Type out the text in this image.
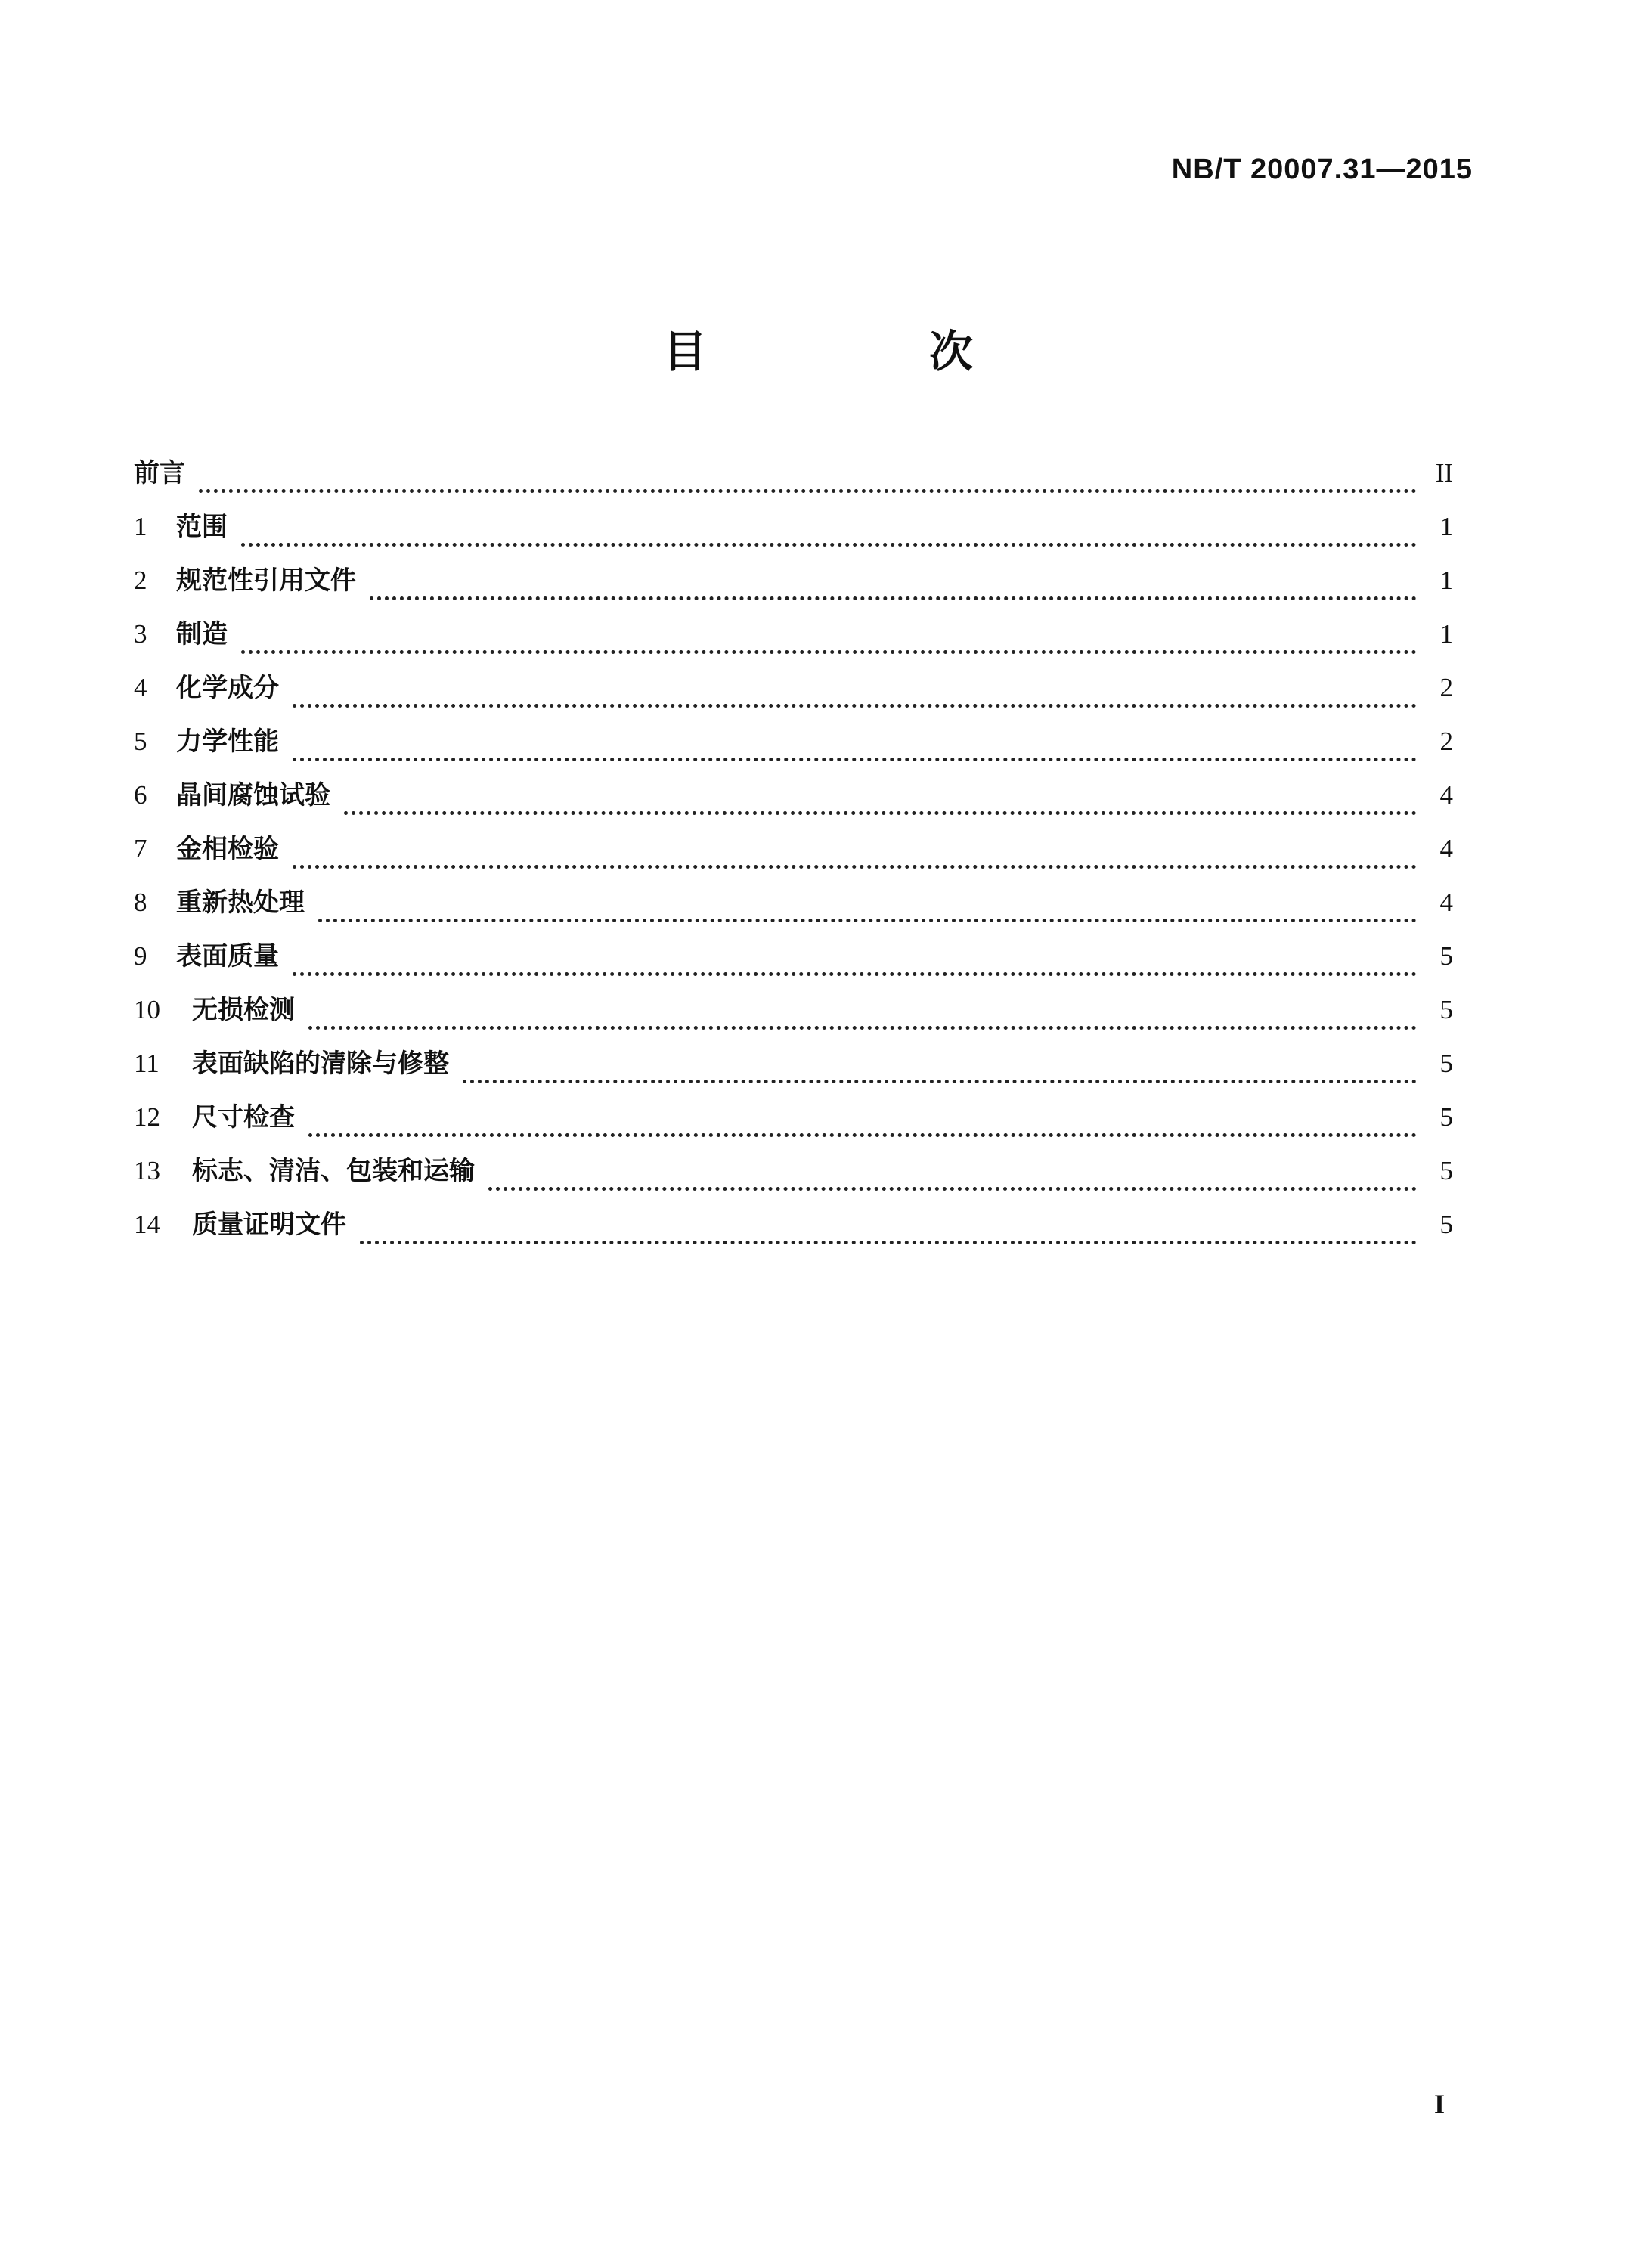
NB/T 20007.31—2015
目　次
前言	II
1	范围	1
2	规范性引用文件	1
3	制造	1
4	化学成分	2
5	力学性能	2
6	晶间腐蚀试验	4
7	金相检验	4
8	重新热处理	4
9	表面质量	5
10	无损检测	5
11	表面缺陷的清除与修整	5
12	尺寸检查	5
13	标志、清洁、包装和运输	5
14	质量证明文件	5
I
